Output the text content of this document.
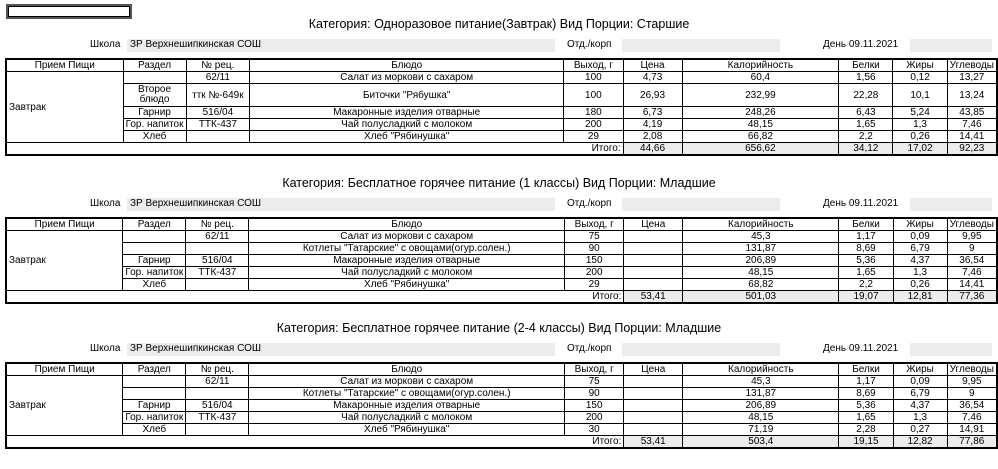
Категория: Одноразовое питание(Завтрак) Вид Порции: Старшие
Школа ЗР Верхнешипкинская СОШ	Отд./корп	День 09.11.2021
Прием Пищи	Раздел	№ рец.	Блюдо	Выход, г	Цена	Калорийность	Белки	Жиры	Углеводы
Завтрак		62/11	Салат из моркови с сахаром	100	4,73	60,4	1,56	0,12	13,27
	Второе блюдо	ттк №-649к	Биточки "Рябушка"	100	26,93	232,99	22,28	10,1	13,24
	Гарнир	516/04	Макаронные изделия отварные	180	6,73	248,26	6,43	5,24	43,85
	Гор. напиток	ТТК-437	Чай полусладкий с молоком	200	4,19	48,15	1,65	1,3	7,46
	Хлеб		Хлеб "Рябинушка"	29	2,08	66,82	2,2	0,26	14,41
Итого:					44,66	656,62	34,12	17,02	92,23
Категория: Бесплатное горячее питание (1 классы) Вид Порции: Младшие
Школа ЗР Верхнешипкинская СОШ	Отд./корп	День 09.11.2021
Прием Пищи	Раздел	№ рец.	Блюдо	Выход, г	Цена	Калорийность	Белки	Жиры	Углеводы
Завтрак		62/11	Салат из моркови с сахаром	75		45,3	1,17	0,09	9,95
			Котлеты "Татарские" с овощами(огур.солен.)	90		131,87	8,69	6,79	9
	Гарнир	516/04	Макаронные изделия отварные	150		206,89	5,36	4,37	36,54
	Гор. напиток	ТТК-437	Чай полусладкий с молоком	200		48,15	1,65	1,3	7,46
	Хлеб		Хлеб "Рябинушка"	29		68,82	2,2	0,26	14,41
Итого:					53,41	501,03	19,07	12,81	77,36
Категория: Бесплатное горячее питание (2-4 классы) Вид Порции: Младшие
Школа ЗР Верхнешипкинская СОШ	Отд./корп	День 09.11.2021
Прием Пищи	Раздел	№ рец.	Блюдо	Выход, г	Цена	Калорийность	Белки	Жиры	Углеводы
Завтрак		62/11	Салат из моркови с сахаром	75		45,3	1,17	0,09	9,95
			Котлеты "Татарские" с овощами(огур.солен.)	90		131,87	8,69	6,79	9
	Гарнир	516/04	Макаронные изделия отварные	150		206,89	5,36	4,37	36,54
	Гор. напиток	ТТК-437	Чай полусладкий с молоком	200		48,15	1,65	1,3	7,46
	Хлеб		Хлеб "Рябинушка"	30		71,19	2,28	0,27	14,91
Итого:					53,41	503,4	19,15	12,82	77,86
